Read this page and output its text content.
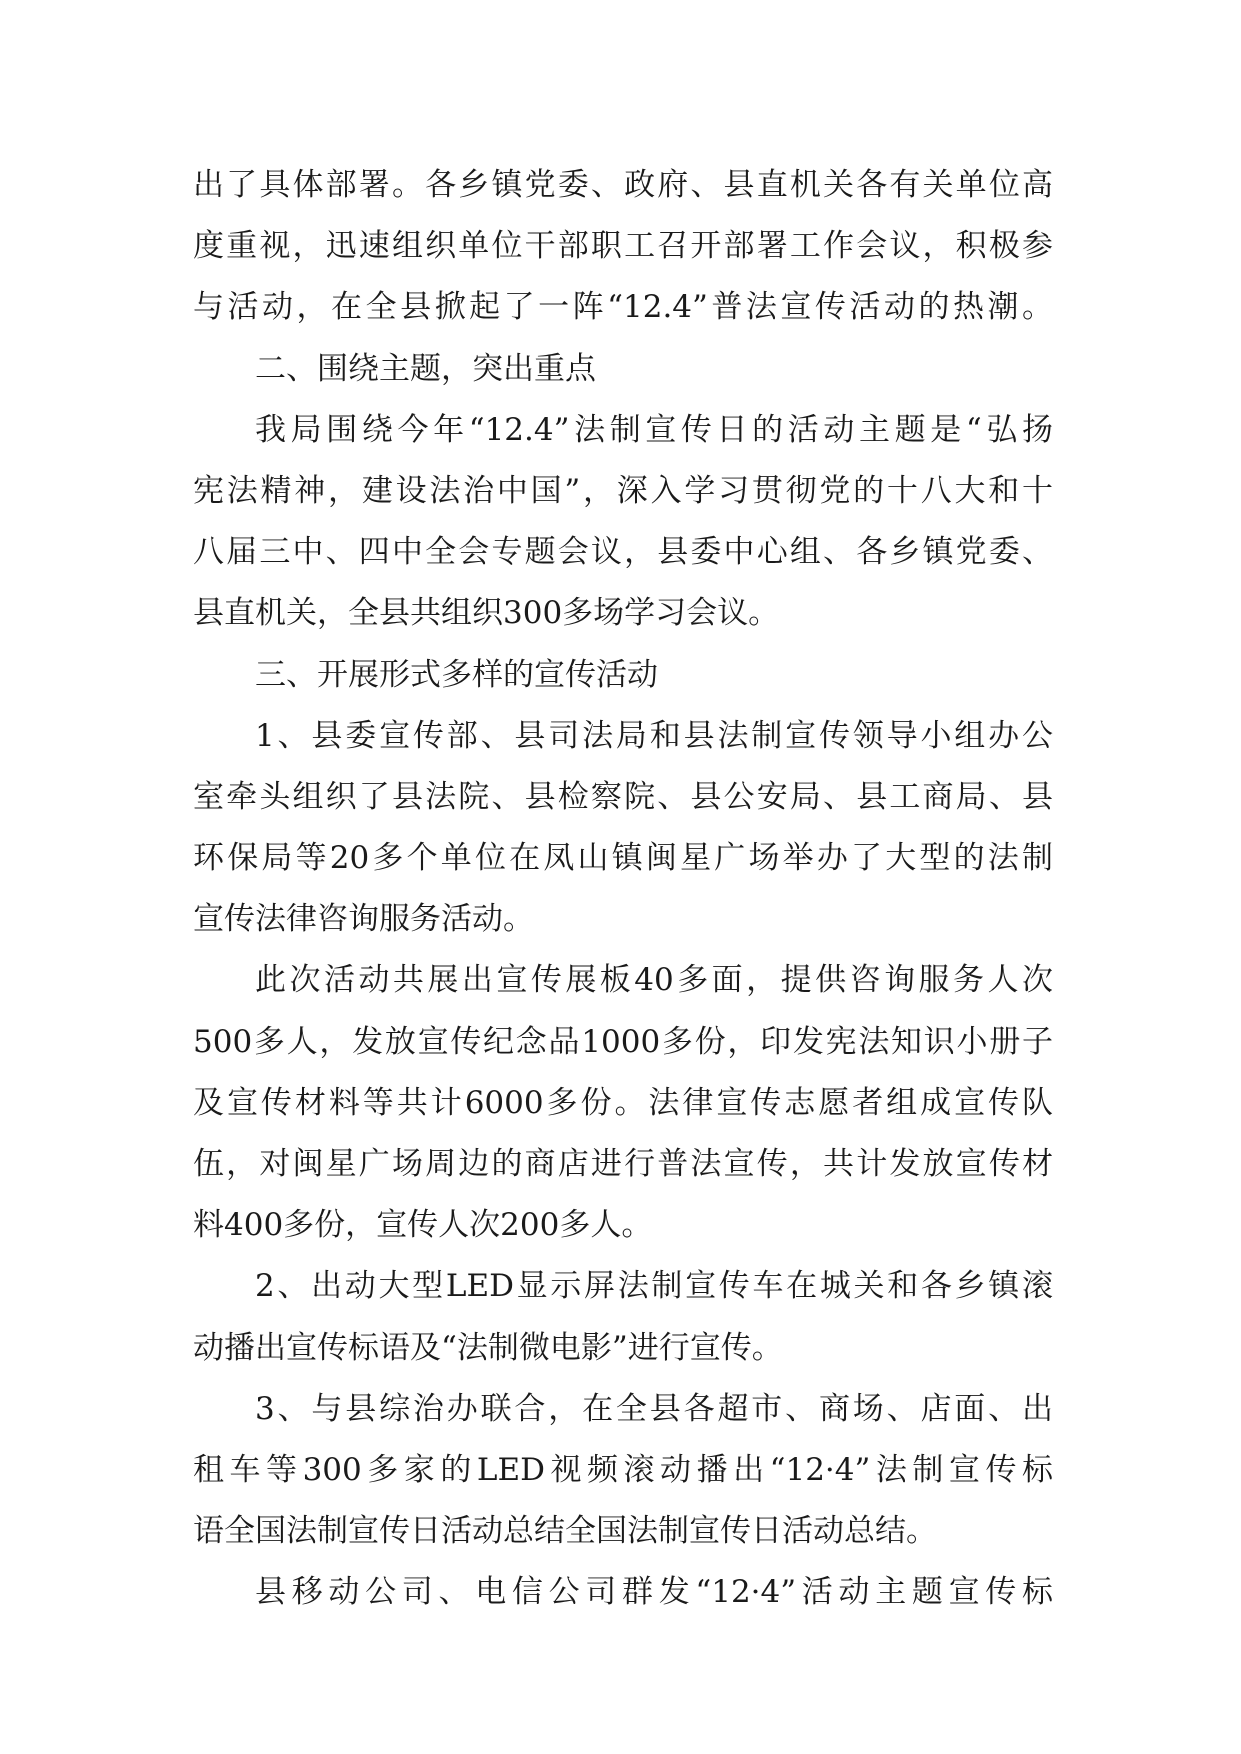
出了具体部署。各乡镇党委、政府、县直机关各有关单位高
度重视，迅速组织单位干部职工召开部署工作会议，积极参
与活动，在全县掀起了一阵“12.4”普法宣传活动的热潮。
二、围绕主题，突出重点
我局围绕今年“12.4”法制宣传日的活动主题是“弘扬
宪法精神，建设法治中国”，深入学习贯彻党的十八大和十
八届三中、四中全会专题会议，县委中心组、各乡镇党委、
县直机关，全县共组织300多场学习会议。
三、开展形式多样的宣传活动
1、县委宣传部、县司法局和县法制宣传领导小组办公
室牵头组织了县法院、县检察院、县公安局、县工商局、县
环保局等20多个单位在凤山镇闽星广场举办了大型的法制
宣传法律咨询服务活动。
此次活动共展出宣传展板40多面，提供咨询服务人次
500多人，发放宣传纪念品1000多份，印发宪法知识小册子
及宣传材料等共计6000多份。法律宣传志愿者组成宣传队
伍，对闽星广场周边的商店进行普法宣传，共计发放宣传材
料400多份，宣传人次200多人。
2、出动大型LED显示屏法制宣传车在城关和各乡镇滚
动播出宣传标语及“法制微电影”进行宣传。
3、与县综治办联合，在全县各超市、商场、店面、出
租车等300多家的LED视频滚动播出“12·4”法制宣传标
语全国法制宣传日活动总结全国法制宣传日活动总结。
县移动公司、电信公司群发“12·4”活动主题宣传标
